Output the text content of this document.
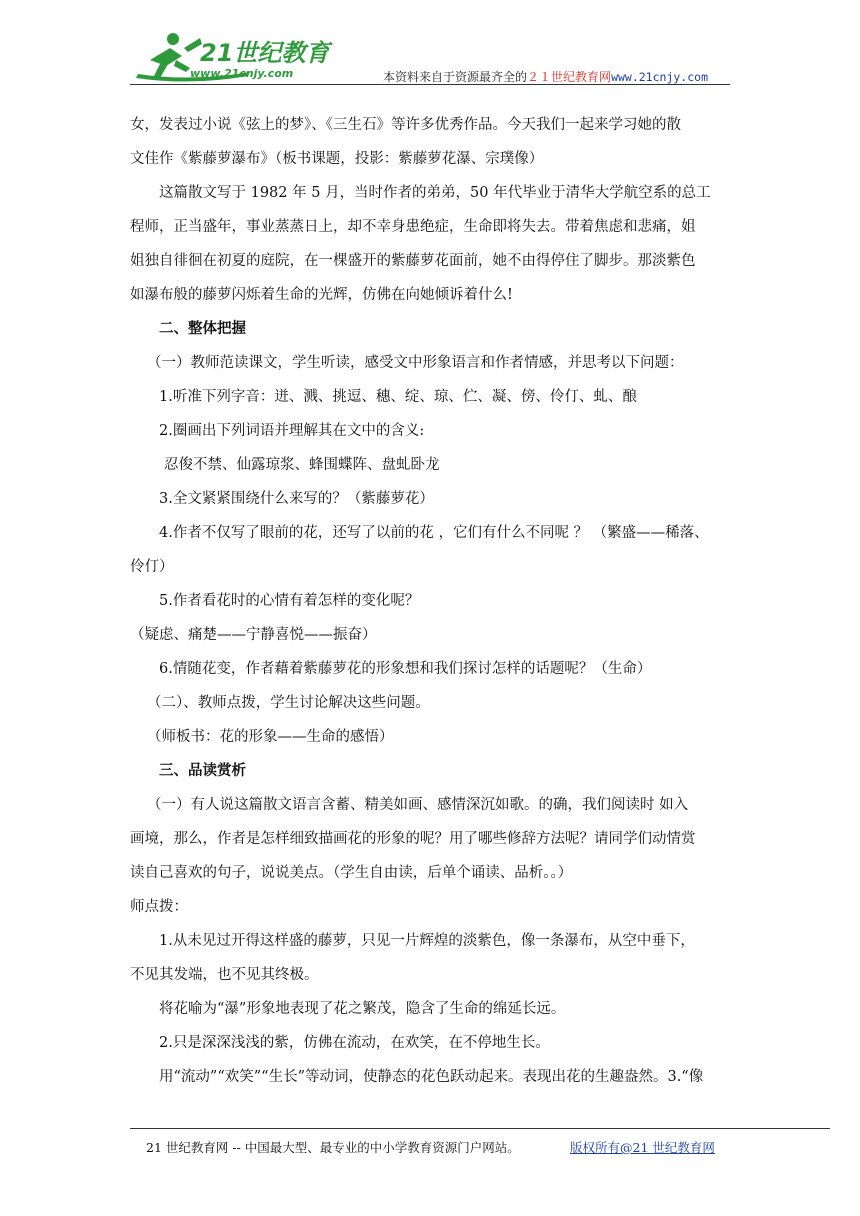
21世纪教育
www.21cnjy.com	本资料来自于资源最齐全的２１世纪教育网www.21cnjy.com

女，发表过小说《弦上的梦》、《三生石》等许多优秀作品。今天我们一起来学习她的散

文佳作《紫藤萝瀑布》（板书课题，投影：紫藤萝花瀑、宗璞像）

这篇散文写于 1982 年 5 月，当时作者的弟弟，50 年代毕业于清华大学航空系的总工

程师，正当盛年，事业蒸蒸日上，却不幸身患绝症，生命即将失去。带着焦虑和悲痛，姐

姐独自徘徊在初夏的庭院，在一棵盛开的紫藤萝花面前，她不由得停住了脚步。那淡紫色

如瀑布般的藤萝闪烁着生命的光辉，仿佛在向她倾诉着什么!

二、整体把握

（一）教师范读课文，学生听读，感受文中形象语言和作者情感，并思考以下问题：

1.听准下列字音：迸、溅、挑逗、穗、绽、琼、伫、凝、傍、伶仃、虬、酿

2.圈画出下列词语并理解其在文中的含义:

忍俊不禁、仙露琼浆、蜂围蝶阵、盘虬卧龙

3.全文紧紧围绕什么来写的？（紫藤萝花）

4.作者不仅写了眼前的花，还写了以前的花 ，它们有什么不同呢 ？ （繁盛——稀落、

伶仃）

5.作者看花时的心情有着怎样的变化呢？

（疑虑、痛楚——宁静喜悦——振奋）

6.情随花变，作者藉着紫藤萝花的形象想和我们探讨怎样的话题呢？（生命）

（二）、教师点拨，学生讨论解决这些问题。

（师板书：花的形象——生命的感悟）

三、品读赏析

（一）有人说这篇散文语言含蓄、精美如画、感情深沉如歌。的确，我们阅读时 如入

画境，那么，作者是怎样细致描画花的形象的呢？用了哪些修辞方法呢？请同学们动情赏

读自己喜欢的句子，说说美点。（学生自由读，后单个诵读、品析。。）

师点拨：

1.从未见过开得这样盛的藤萝，只见一片辉煌的淡紫色，像一条瀑布，从空中垂下，

不见其发端，也不见其终极。

将花喻为“瀑”形象地表现了花之繁茂，隐含了生命的绵延长远。

2.只是深深浅浅的紫，仿佛在流动，在欢笑，在不停地生长。

用“流动”“欢笑”“生长”等动词，使静态的花色跃动起来。表现出花的生趣盎然。3.“像

21 世纪教育网 -- 中国最大型、最专业的中小学教育资源门户网站。	版权所有@21 世纪教育网
